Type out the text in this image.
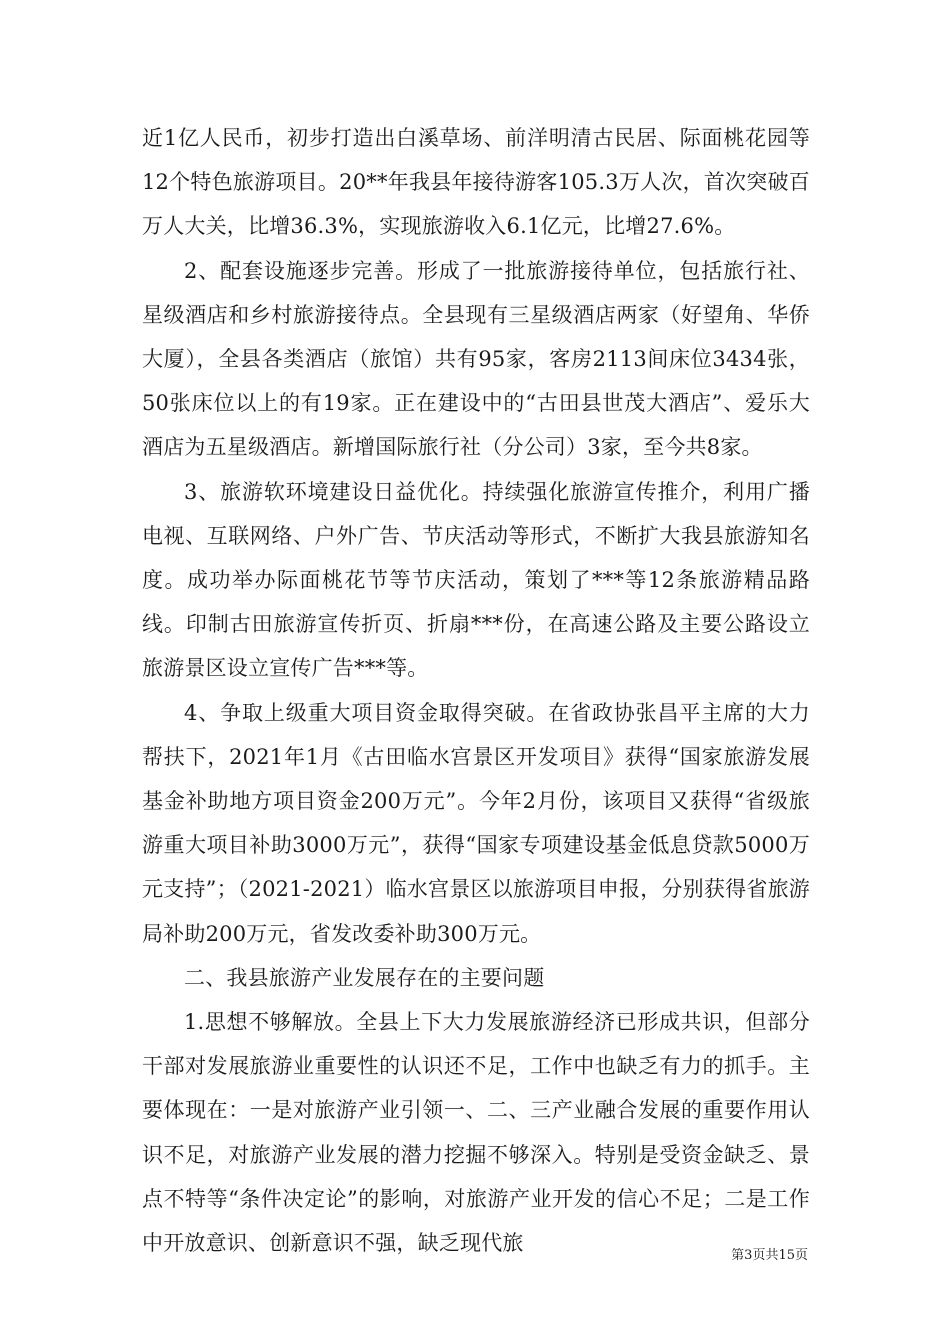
近1亿人民币，初步打造出白溪草场、前洋明清古民居、际面桃花园等12个特色旅游项目。20**年我县年接待游客105.3万人次，首次突破百万人大关，比增36.3%，实现旅游收入6.1亿元，比增27.6%。

2、配套设施逐步完善。形成了一批旅游接待单位，包括旅行社、星级酒店和乡村旅游接待点。全县现有三星级酒店两家（好望角、华侨大厦），全县各类酒店（旅馆）共有95家，客房2113间床位3434张，50张床位以上的有19家。正在建设中的“古田县世茂大酒店”、爱乐大酒店为五星级酒店。新增国际旅行社（分公司）3家，至今共8家。

3、旅游软环境建设日益优化。持续强化旅游宣传推介，利用广播电视、互联网络、户外广告、节庆活动等形式，不断扩大我县旅游知名度。成功举办际面桃花节等节庆活动，策划了***等12条旅游精品路线。印制古田旅游宣传折页、折扇***份，在高速公路及主要公路设立旅游景区设立宣传广告***等。

4、争取上级重大项目资金取得突破。在省政协张昌平主席的大力帮扶下，2021年1月《古田临水宫景区开发项目》获得“国家旅游发展基金补助地方项目资金200万元”。今年2月份，该项目又获得“省级旅游重大项目补助3000万元”，获得“国家专项建设基金低息贷款5000万元支持”；（2021-2021）临水宫景区以旅游项目申报，分别获得省旅游局补助200万元，省发改委补助300万元。

二、我县旅游产业发展存在的主要问题

1.思想不够解放。全县上下大力发展旅游经济已形成共识，但部分干部对发展旅游业重要性的认识还不足，工作中也缺乏有力的抓手。主要体现在：一是对旅游产业引领一、二、三产业融合发展的重要作用认识不足，对旅游产业发展的潜力挖掘不够深入。特别是受资金缺乏、景点不特等“条件决定论”的影响，对旅游产业开发的信心不足；二是工作中开放意识、创新意识不强，缺乏现代旅

第3页共15页
